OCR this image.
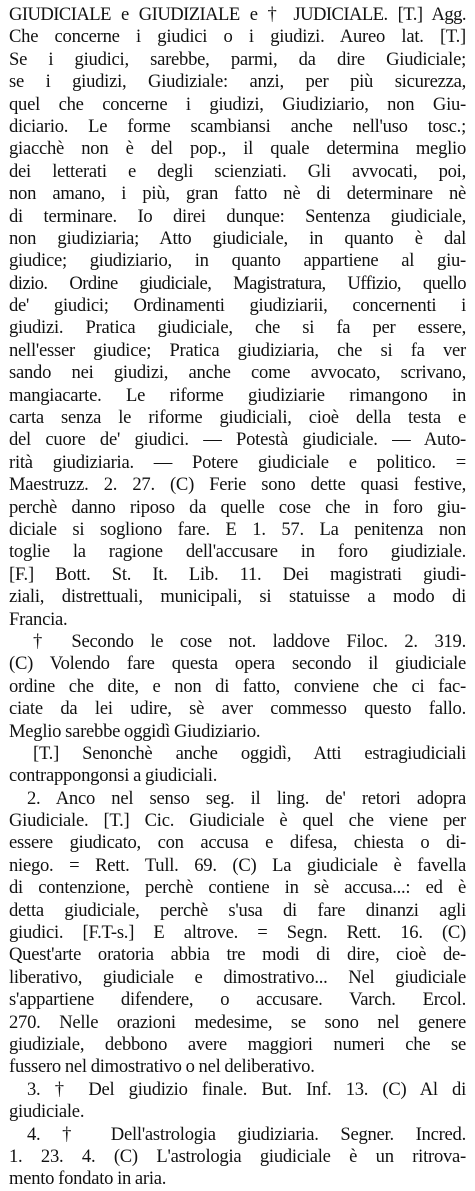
GIUDICIALE e GIUDIZIALE e † JUDICIALE. [T.] Agg.
Che concerne i giudici o i giudizi. Aureo lat. [T.]
Se i giudici, sarebbe, parmi, da dire Giudiciale;
se i giudizi, Giudiziale: anzi, per più sicurezza,
quel che concerne i giudizi, Giudiziario, non Giu-
diciario. Le forme scambiansi anche nell'uso tosc.;
giacchè non è del pop., il quale determina meglio
dei letterati e degli scienziati. Gli avvocati, poi,
non amano, i più, gran fatto nè di determinare nè
di terminare. Io direi dunque: Sentenza giudiciale,
non giudiziaria; Atto giudiciale, in quanto è dal
giudice; giudiziario, in quanto appartiene al giu-
dizio. Ordine giudiciale, Magistratura, Uffizio, quello
de' giudici; Ordinamenti giudiziarii, concernenti i
giudizi. Pratica giudiciale, che si fa per essere,
nell'esser giudice; Pratica giudiziaria, che si fa ver
sando nei giudizi, anche come avvocato, scrivano,
mangiacarte. Le riforme giudiziarie rimangono in
carta senza le riforme giudiciali, cioè della testa e
del cuore de' giudici. — Potestà giudiciale. — Auto-
rità giudiziaria. — Potere giudiciale e politico. =
Maestruzz. 2. 27. (C) Ferie sono dette quasi festive,
perchè danno riposo da quelle cose che in foro giu-
diciale si sogliono fare. E 1. 57. La penitenza non
toglie la ragione dell'accusare in foro giudiziale.
[F.] Bott. St. It. Lib. 11. Dei magistrati giudi-
ziali, distrettuali, municipali, si statuisse a modo di
Francia.
† Secondo le cose not. laddove Filoc. 2. 319.
(C) Volendo fare questa opera secondo il giudiciale
ordine che dite, e non di fatto, conviene che ci fac-
ciate da lei udire, sè aver commesso questo fallo.
Meglio sarebbe oggidì Giudiziario.
[T.] Senonchè anche oggidì, Atti estragiudiciali
contrappongonsi a giudiciali.
2. Anco nel senso seg. il ling. de' retori adopra
Giudiciale. [T.] Cic. Giudiciale è quel che viene per
essere giudicato, con accusa e difesa, chiesta o di-
niego. = Rett. Tull. 69. (C) La giudiciale è favella
di contenzione, perchè contiene in sè accusa...: ed è
detta giudiciale, perchè s'usa di fare dinanzi agli
giudici. [F.T-s.] E altrove. = Segn. Rett. 16. (C)
Quest'arte oratoria abbia tre modi di dire, cioè de-
liberativo, giudiciale e dimostrativo... Nel giudiciale
s'appartiene difendere, o accusare. Varch. Ercol.
270. Nelle orazioni medesime, se sono nel genere
giudiziale, debbono avere maggiori numeri che se
fussero nel dimostrativo o nel deliberativo.
3. † Del giudizio finale. But. Inf. 13. (C) Al di
giudiciale.
4. † Dell'astrologia giudiziaria. Segner. Incred.
1. 23. 4. (C) L'astrologia giudiciale è un ritrova-
mento fondato in aria.
